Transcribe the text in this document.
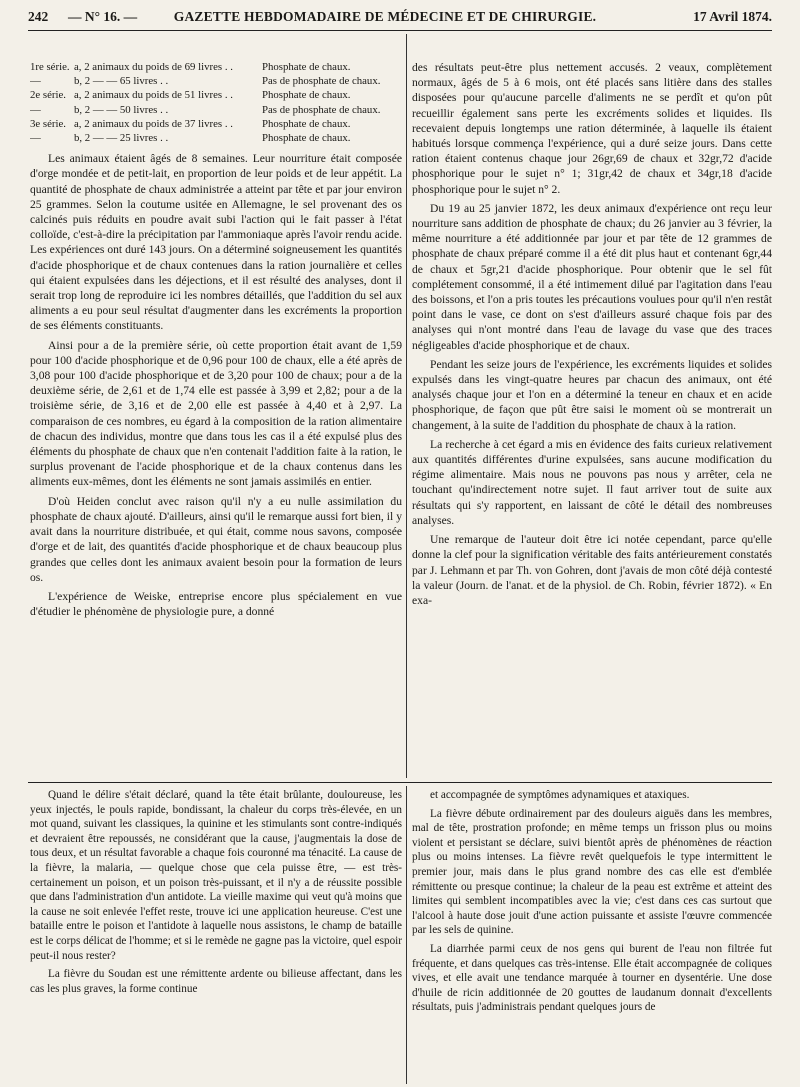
242	— N° 16. —	GAZETTE HEBDOMADAIRE DE MÉDECINE ET DE CHIRURGIE.	17 Avril 1874.
1re série. a, 2 animaux du poids de 69 livres . .	Phosphate de chaux.
—	b, 2 — — 65 livres . .	Pas de phosphate de chaux.
2e série. a, 2 animaux du poids de 51 livres . .	Phosphate de chaux.
—	b, 2 — — 50 livres . .	Pas de phosphate de chaux.
3e série. a, 2 animaux du poids de 37 livres . .	Phosphate de chaux.
—	b, 2 — — 25 livres . .	Phosphate de chaux.

Les animaux étaient âgés de 8 semaines. Leur nourriture était composée d'orge mondée et de petit-lait, en proportion de leur poids et de leur appétit. La quantité de phosphate de chaux administrée a atteint par tête et par jour environ 25 grammes. Selon la coutume usitée en Allemagne, le sel provenant des os calcinés puis réduits en poudre avait subi l'action qui le fait passer à l'état colloïde, c'est-à-dire la précipitation par l'ammoniaque après l'avoir rendu acide. Les expériences ont duré 143 jours. On a déterminé soigneusement les quantités d'acide phosphorique et de chaux contenues dans la ration journalière et celles qui étaient expulsées dans les déjections, et il est résulté des analyses, dont il serait trop long de reproduire ici les nombres détaillés, que l'addition du sel aux aliments a eu pour seul résultat d'augmenter dans les excréments la proportion de ses éléments constituants.

Ainsi pour a de la première série, où cette proportion était avant de 1,59 pour 100 d'acide phosphorique et de 0,96 pour 100 de chaux, elle a été après de 3,08 pour 100 d'acide phosphorique et de 3,20 pour 100 de chaux; pour a de la deuxième série, de 2,61 et de 1,74 elle est passée à 3,99 et 2,82; pour a de la troisième série, de 3,16 et de 2,00 elle est passée à 4,40 et à 2,97. La comparaison de ces nombres, eu égard à la composition de la ration alimentaire de chacun des individus, montre que dans tous les cas il a été expulsé plus des éléments du phosphate de chaux que n'en contenait l'addition faite à la ration, le surplus provenant de l'acide phosphorique et de la chaux contenus dans les aliments eux-mêmes, dont les éléments ne sont jamais assimilés en entier.

D'où Heiden conclut avec raison qu'il n'y a eu nulle assimilation du phosphate de chaux ajouté. D'ailleurs, ainsi qu'il le remarque aussi fort bien, il y avait dans la nourriture distribuée, et qui était, comme nous savons, composée d'orge et de lait, des quantités d'acide phosphorique et de chaux beaucoup plus grandes que celles dont les animaux avaient besoin pour la formation de leurs os.

L'expérience de Weiske, entreprise encore plus spécialement en vue d'étudier le phénomène de physiologie pure, a donné

des résultats peut-être plus nettement accusés. 2 veaux, complètement normaux, âgés de 5 à 6 mois, ont été placés sans litière dans des stalles disposées pour qu'aucune parcelle d'aliments ne se perdît et qu'on pût recueillir également sans perte les excréments solides et liquides. Ils recevaient depuis longtemps une ration déterminée, à laquelle ils étaient habitués lorsque commença l'expérience, qui a duré seize jours. Dans cette ration étaient contenus chaque jour 26gr,69 de chaux et 32gr,72 d'acide phosphorique pour le sujet n° 1; 31gr,42 de chaux et 34gr,18 d'acide phosphorique pour le sujet n° 2.

Du 19 au 25 janvier 1872, les deux animaux d'expérience ont reçu leur nourriture sans addition de phosphate de chaux; du 26 janvier au 3 février, la même nourriture a été additionnée par jour et par tête de 12 grammes de phosphate de chaux préparé comme il a été dit plus haut et contenant 6gr,44 de chaux et 5gr,21 d'acide phosphorique. Pour obtenir que le sel fût complétement consommé, il a été intimement dilué par l'agitation dans l'eau des boissons, et l'on a pris toutes les précautions voulues pour qu'il n'en restât point dans le vase, ce dont on s'est d'ailleurs assuré chaque fois par des analyses qui n'ont montré dans l'eau de lavage du vase que des traces négligeables d'acide phosphorique et de chaux.

Pendant les seize jours de l'expérience, les excréments liquides et solides expulsés dans les vingt-quatre heures par chacun des animaux, ont été analysés chaque jour et l'on en a déterminé la teneur en chaux et en acide phosphorique, de façon que pût être saisi le moment où se montrerait un changement, à la suite de l'addition du phosphate de chaux à la ration.

La recherche à cet égard a mis en évidence des faits curieux relativement aux quantités différentes d'urine expulsées, sans aucune modification du régime alimentaire. Mais nous ne pouvons pas nous y arrêter, cela ne touchant qu'indirectement notre sujet. Il faut arriver tout de suite aux résultats qui s'y rapportent, en laissant de côté le détail des nombreuses analyses.

Une remarque de l'auteur doit être ici notée cependant, parce qu'elle donne la clef pour la signification véritable des faits antérieurement constatés par J. Lehmann et par Th. von Gohren, dont j'avais de mon côté déjà contesté la valeur (Journ. de l'anat. et de la physiol. de Ch. Robin, février 1872). « En exa-

Quand le délire s'était déclaré, quand la tête était brûlante, douloureuse, les yeux injectés, le pouls rapide, bondissant, la chaleur du corps très-élevée, en un mot quand, suivant les classiques, la quinine et les stimulants sont contre-indiqués et devraient être repoussés, ne considérant que la cause, j'augmentais la dose de tous deux, et un résultat favorable a chaque fois couronné ma ténacité. La cause de la fièvre, la malaria, — quelque chose que cela puisse être, — est très-certainement un poison, et un poison très-puissant, et il n'y a de réussite possible que dans l'administration d'un antidote. La vieille maxime qui veut qu'à moins que la cause ne soit enlevée l'effet reste, trouve ici une application heureuse. C'est une bataille entre le poison et l'antidote à laquelle nous assistons, le champ de bataille est le corps délicat de l'homme; et si le remède ne gagne pas la victoire, quel espoir peut-il nous rester?

La fièvre du Soudan est une rémittente ardente ou bilieuse affectant, dans les cas les plus graves, la forme continue

et accompagnée de symptômes adynamiques et ataxiques.

La fièvre débute ordinairement par des douleurs aiguës dans les membres, mal de tête, prostration profonde; en même temps un frisson plus ou moins violent et persistant se déclare, suivi bientôt après de phénomènes de réaction plus ou moins intenses. La fièvre revêt quelquefois le type intermittent le premier jour, mais dans le plus grand nombre des cas elle est d'emblée rémittente ou presque continue; la chaleur de la peau est extrême et atteint des limites qui semblent incompatibles avec la vie; c'est dans ces cas surtout que l'alcool à haute dose jouit d'une action puissante et assiste l'œuvre commencée par les sels de quinine.

La diarrhée parmi ceux de nos gens qui burent de l'eau non filtrée fut fréquente, et dans quelques cas très-intense. Elle était accompagnée de coliques vives, et elle avait une tendance marquée à tourner en dysentérie. Une dose d'huile de ricin additionnée de 20 gouttes de laudanum donnait d'excellents résultats, puis j'administrais pendant quelques jours de
